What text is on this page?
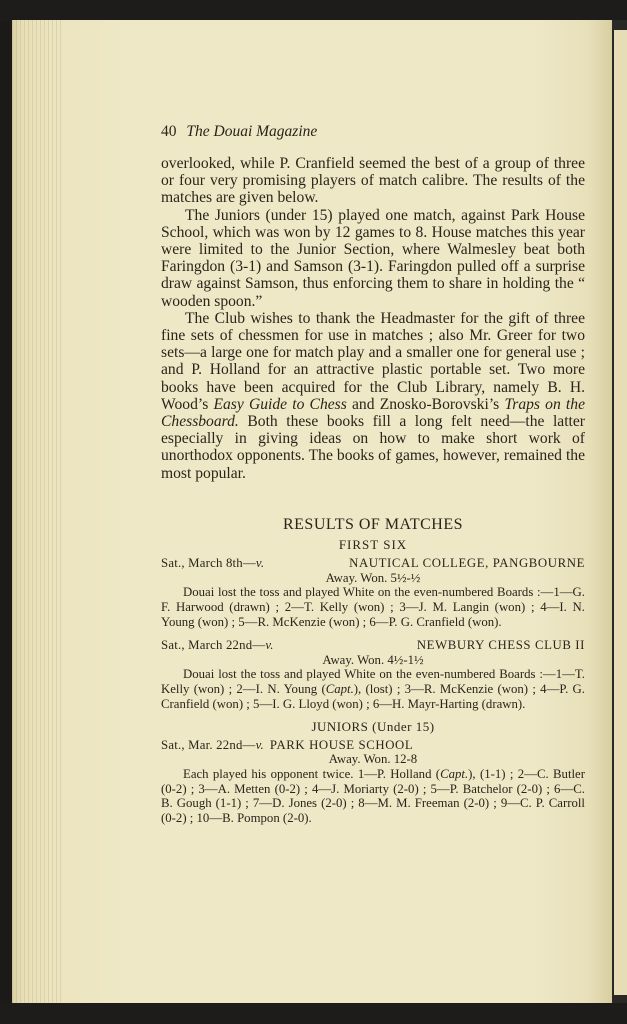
40 The Douai Magazine

overlooked, while P. Cranfield seemed the best of a group of three or four very promising players of match calibre. The results of the matches are given below.

The Juniors (under 15) played one match, against Park House School, which was won by 12 games to 8. House matches this year were limited to the Junior Section, where Walmesley beat both Faringdon (3-1) and Samson (3-1). Faringdon pulled off a surprise draw against Samson, thus enforcing them to share in holding the “ wooden spoon.”

The Club wishes to thank the Headmaster for the gift of three fine sets of chessmen for use in matches ; also Mr. Greer for two sets—a large one for match play and a smaller one for general use ; and P. Holland for an attractive plastic portable set. Two more books have been acquired for the Club Library, namely B. H. Wood’s Easy Guide to Chess and Znosko-Borovski’s Traps on the Chessboard. Both these books fill a long felt need—the latter especially in giving ideas on how to make short work of unorthodox opponents. The books of games, however, remained the most popular.

RESULTS OF MATCHES
FIRST SIX
Sat., March 8th—v.	NAUTICAL COLLEGE, PANGBOURNE
Away. Won. 5½-½
Douai lost the toss and played White on the even-numbered Boards :—1—G. F. Harwood (drawn) ; 2—T. Kelly (won) ; 3—J. M. Langin (won) ; 4—I. N. Young (won) ; 5—R. McKenzie (won) ; 6—P. G. Cranfield (won).
Sat., March 22nd—v.	NEWBURY CHESS CLUB II
Away. Won. 4½-1½
Douai lost the toss and played White on the even-numbered Boards :—1—T. Kelly (won) ; 2—I. N. Young (Capt.), (lost) ; 3—R. McKenzie (won) ; 4—P. G. Cranfield (won) ; 5—I. G. Lloyd (won) ; 6—H. Mayr-Harting (drawn).
JUNIORS (Under 15)
Sat., Mar. 22nd—v. PARK HOUSE SCHOOL
Away. Won. 12-8
Each played his opponent twice. 1—P. Holland (Capt.), (1-1) ; 2—C. Butler (0-2) ; 3—A. Metten (0-2) ; 4—J. Moriarty (2-0) ; 5—P. Batchelor (2-0) ; 6—C. B. Gough (1-1) ; 7—D. Jones (2-0) ; 8—M. M. Freeman (2-0) ; 9—C. P. Carroll (0-2) ; 10—B. Pompon (2-0).
